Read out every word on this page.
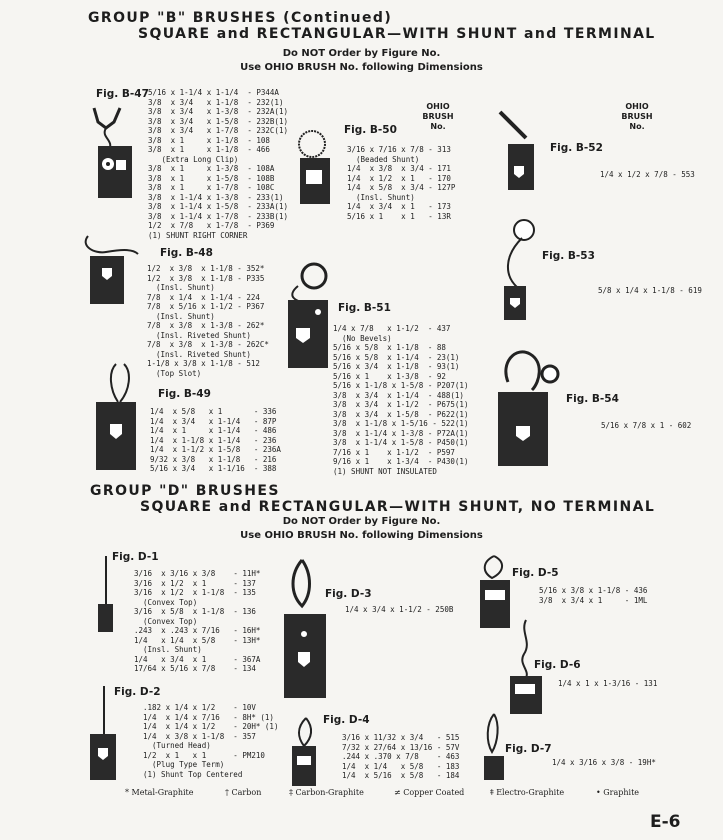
GROUP "B" BRUSHES (Continued)
SQUARE and RECTANGULAR—WITH SHUNT and TERMINAL
Do NOT Order by Figure No.
Use OHIO BRUSH No. following Dimensions
OHIO
BRUSH
No.
OHIO
BRUSH
No.
Fig. B-47 5/16 x 1-1/4 x 1-1/4  - P344A
3/8  x 3/4   x 1-1/8  - 232(1)
3/8  x 3/4   x 1-3/8  - 232A(1)
3/8  x 3/4   x 1-5/8  - 232B(1)
3/8  x 3/4   x 1-7/8  - 232C(1)
3/8  x 1     x 1-1/8  - 108
3/8  x 1     x 1-1/8  - 466
(Extra Long Clip)
3/8  x 1     x 1-3/8  - 108A
3/8  x 1     x 1-5/8  - 108B
3/8  x 1     x 1-7/8  - 108C
3/8  x 1-1/4 x 1-3/8  - 233(1)
3/8  x 1-1/4 x 1-5/8  - 233A(1)
3/8  x 1-1/4 x 1-7/8  - 233B(1)
1/2  x 7/8   x 1-7/8  - P369
(1) SHUNT RIGHT CORNER
Fig. B-48
1/2  x 3/8  x 1-1/8 - 352*
1/2  x 3/8  x 1-1/8 - P335
(Insl. Shunt)
7/8  x 1/4  x 1-1/4 - 224
7/8  x 5/16 x 1-1/2 - P367
(Insl. Shunt)
7/8  x 3/8  x 1-3/8 - 262*
(Insl. Riveted Shunt)
7/8  x 3/8  x 1-3/8 - 262C*
(Insl. Riveted Shunt)
1-1/8 x 3/8 x 1-1/8 - 512
(Top Slot)
Fig. B-49
1/4  x 5/8   x 1       - 336
1/4  x 3/4   x 1-1/4   - 87P
1/4  x 1     x 1-1/4   - 486
1/4  x 1-1/8 x 1-1/4   - 236
1/4  x 1-1/2 x 1-5/8   - 236A
9/32 x 3/8   x 1-1/8   - 216
5/16 x 3/4   x 1-1/16  - 388
Fig. B-50
3/16 x 7/16 x 7/8 - 313
(Beaded Shunt)
1/4  x 3/8  x 3/4 - 171
1/4  x 1/2  x 1   - 170
1/4  x 5/8  x 3/4 - 127P
(Insl. Shunt)
1/4  x 3/4  x 1   - 173
5/16 x 1    x 1   - 13R
Fig. B-51
1/4 x 7/8   x 1-1/2  - 437
(No Bevels)
5/16 x 5/8  x 1-1/8  - 88
5/16 x 5/8  x 1-1/4  - 23(1)
5/16 x 3/4  x 1-1/8  - 93(1)
5/16 x 1    x 1-3/8  - 92
5/16 x 1-1/8 x 1-5/8 - P207(1)
3/8  x 3/4  x 1-1/4  - 488(1)
3/8  x 3/4  x 1-1/2  - P675(1)
3/8  x 3/4  x 1-5/8  - P622(1)
3/8  x 1-1/8 x 1-5/16 - 522(1)
3/8  x 1-1/4 x 1-3/8 - P72A(1)
3/8  x 1-1/4 x 1-5/8 - P450(1)
7/16 x 1    x 1-1/2  - P597
9/16 x 1    x 1-3/4  - P430(1)
(1) SHUNT NOT INSULATED
Fig. B-52
1/4 x 1/2 x 7/8 - 553
Fig. B-53
5/8 x 1/4 x 1-1/8 - 619
Fig. B-54
5/16 x 7/8 x 1 - 602
GROUP "D" BRUSHES
SQUARE and RECTANGULAR—WITH SHUNT, NO TERMINAL
Do NOT Order by Figure No.
Use OHIO BRUSH No. following Dimensions
Fig. D-1
3/16  x 3/16 x 3/8    - 11H*
3/16  x 1/2  x 1      - 137
3/16  x 1/2  x 1-1/8  - 135
(Convex Top)
3/16  x 5/8  x 1-1/8  - 136
(Convex Top)
.243  x .243 x 7/16   - 16H*
1/4   x 1/4  x 5/8    - 13H*
(Insl. Shunt)
1/4   x 3/4  x 1      - 367A
17/64 x 5/16 x 7/8    - 134
Fig. D-2
.182 x 1/4 x 1/2    - 10V
1/4  x 1/4 x 7/16   - 8H* (1)
1/4  x 1/4 x 1/2    - 20H* (1)
1/4  x 3/8 x 1-1/8  - 357
(Turned Head)
1/2  x 1   x 1      - PM210
(Plug Type Term)
(1) Shunt Top Centered
Fig. D-3
1/4 x 3/4 x 1-1/2 - 250B
Fig. D-4
3/16 x 11/32 x 3/4   - 515
7/32 x 27/64 x 13/16 - 57V
.244 x .370 x 7/8    - 463
1/4  x 1/4   x 5/8   - 183
1/4  x 5/16  x 5/8   - 184
Fig. D-5
5/16 x 3/8 x 1-1/8 - 436
3/8  x 3/4 x 1     - 1ML
Fig. D-6
1/4 x 1 x 1-3/16 - 131
Fig. D-7
1/4 x 3/16 x 3/8 - 19H*
* Metal-Graphite	† Carbon	‡ Carbon-Graphite	≠ Copper Coated	ǂ Electro-Graphite	• Graphite
E-6
